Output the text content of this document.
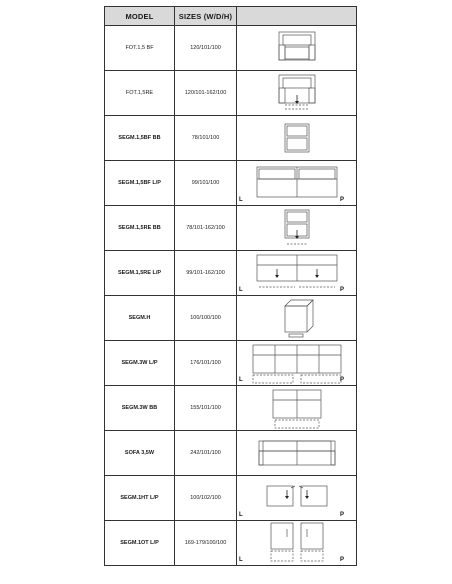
MODEL	SIZES (W/D/H)	
FOT.1,5 BF	120/101/100	

FOT.1,5RE	120/101-162/100	

SEGM.1,5BF BB	78/101/100	

SEGM.1,5BF L/P	99/101/100	L P

SEGM.1,5RE BB	78/101-162/100	

SEGM.1,5RE L/P	99/101-162/100	L P

SEGM.H	100/100/100	

SEGM.3W L/P	176/101/100	L P

SEGM.3W BB	155/101/100	

SOFA 3,5W	242/101/100	

SEGM.1HT L/P	100/102/100	L P

SEGM.1OT L/P	169-179/100/100	L P
